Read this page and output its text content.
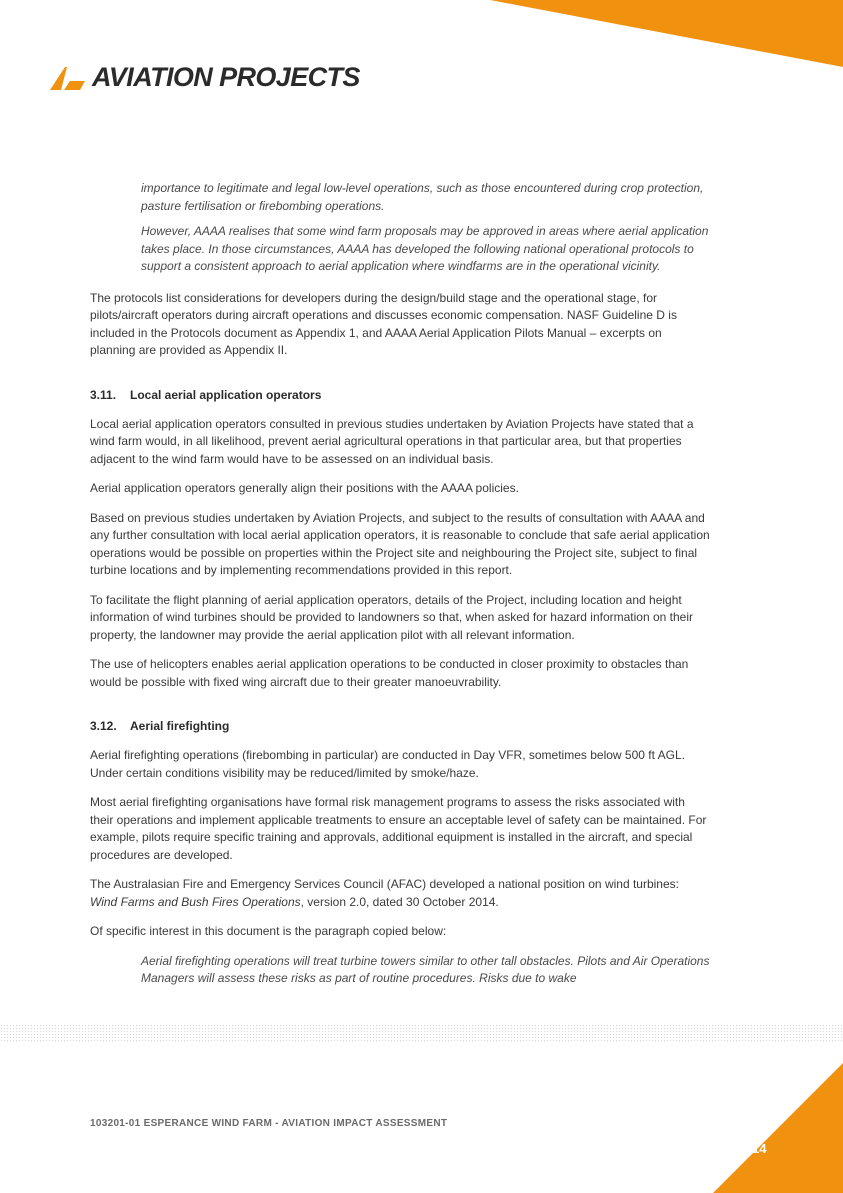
AVIATION PROJECTS

importance to legitimate and legal low-level operations, such as those encountered during crop protection, pasture fertilisation or firebombing operations.

However, AAAA realises that some wind farm proposals may be approved in areas where aerial application takes place. In those circumstances, AAAA has developed the following national operational protocols to support a consistent approach to aerial application where windfarms are in the operational vicinity.

The protocols list considerations for developers during the design/build stage and the operational stage, for pilots/aircraft operators during aircraft operations and discusses economic compensation. NASF Guideline D is included in the Protocols document as Appendix 1, and AAAA Aerial Application Pilots Manual – excerpts on planning are provided as Appendix II.

3.11.	Local aerial application operators

Local aerial application operators consulted in previous studies undertaken by Aviation Projects have stated that a wind farm would, in all likelihood, prevent aerial agricultural operations in that particular area, but that properties adjacent to the wind farm would have to be assessed on an individual basis.

Aerial application operators generally align their positions with the AAAA policies.

Based on previous studies undertaken by Aviation Projects, and subject to the results of consultation with AAAA and any further consultation with local aerial application operators, it is reasonable to conclude that safe aerial application operations would be possible on properties within the Project site and neighbouring the Project site, subject to final turbine locations and by implementing recommendations provided in this report.

To facilitate the flight planning of aerial application operators, details of the Project, including location and height information of wind turbines should be provided to landowners so that, when asked for hazard information on their property, the landowner may provide the aerial application pilot with all relevant information.

The use of helicopters enables aerial application operations to be conducted in closer proximity to obstacles than would be possible with fixed wing aircraft due to their greater manoeuvrability.

3.12.	Aerial firefighting

Aerial firefighting operations (firebombing in particular) are conducted in Day VFR, sometimes below 500 ft AGL. Under certain conditions visibility may be reduced/limited by smoke/haze.

Most aerial firefighting organisations have formal risk management programs to assess the risks associated with their operations and implement applicable treatments to ensure an acceptable level of safety can be maintained. For example, pilots require specific training and approvals, additional equipment is installed in the aircraft, and special procedures are developed.

The Australasian Fire and Emergency Services Council (AFAC) developed a national position on wind turbines:
Wind Farms and Bush Fires Operations, version 2.0, dated 30 October 2014.

Of specific interest in this document is the paragraph copied below:

Aerial firefighting operations will treat turbine towers similar to other tall obstacles. Pilots and Air Operations Managers will assess these risks as part of routine procedures. Risks due to wake

103201-01 ESPERANCE WIND FARM - AVIATION IMPACT ASSESSMENT
14
